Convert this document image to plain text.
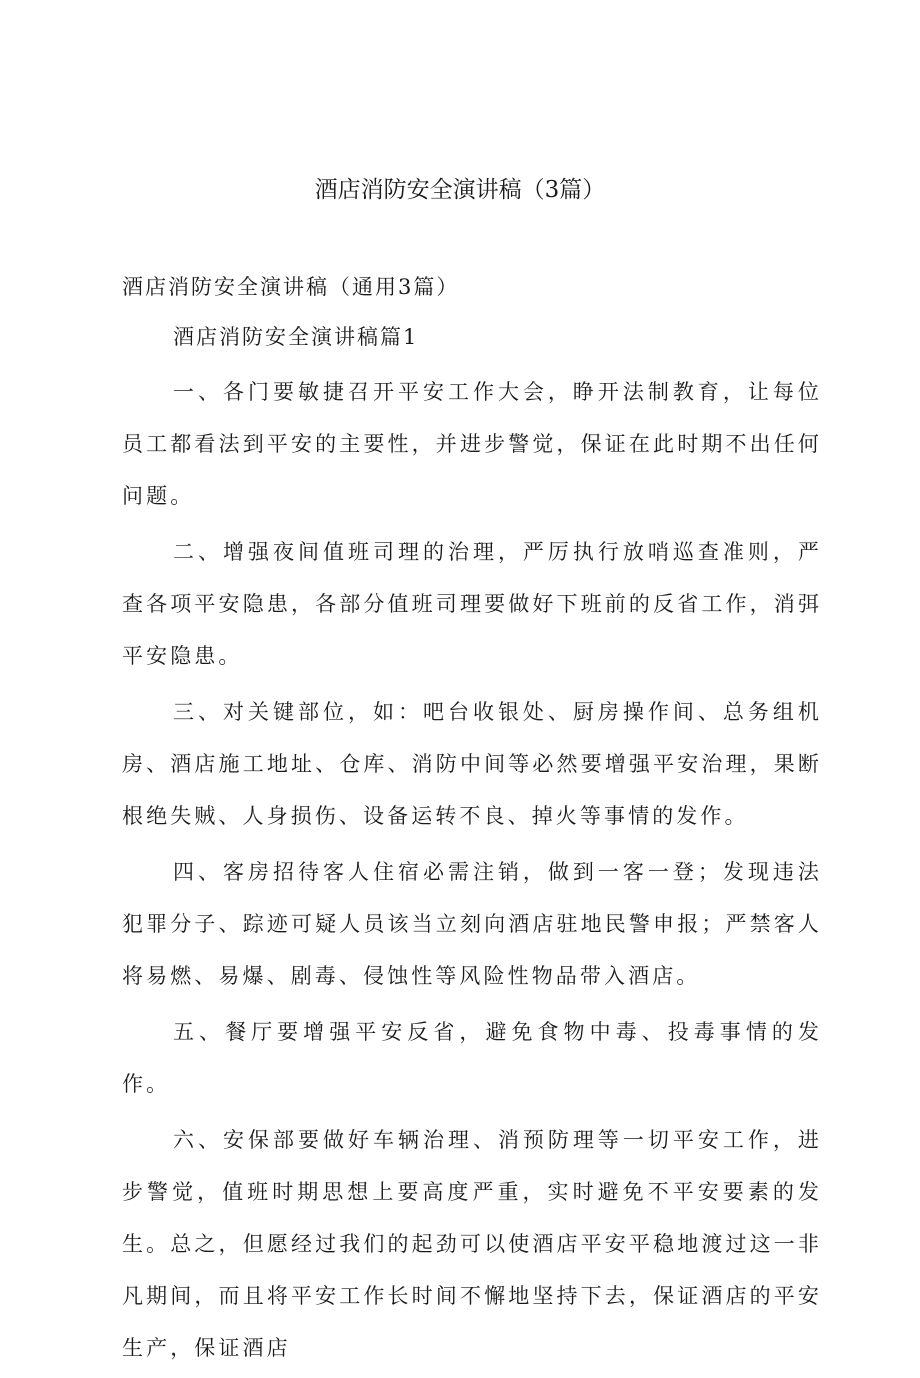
酒店消防安全演讲稿（3篇）
酒店消防安全演讲稿（通用3篇）
酒店消防安全演讲稿篇1

一、各门要敏捷召开平安工作大会，睁开法制教育，让每位员工都看法到平安的主要性，并进步警觉，保证在此时期不出任何问题。

二、增强夜间值班司理的治理，严厉执行放哨巡查准则，严查各项平安隐患，各部分值班司理要做好下班前的反省工作，消弭平安隐患。

三、对关键部位，如：吧台收银处、厨房操作间、总务组机房、酒店施工地址、仓库、消防中间等必然要增强平安治理，果断根绝失贼、人身损伤、设备运转不良、掉火等事情的发作。

四、客房招待客人住宿必需注销，做到一客一登；发现违法犯罪分子、踪迹可疑人员该当立刻向酒店驻地民警申报；严禁客人将易燃、易爆、剧毒、侵蚀性等风险性物品带入酒店。

五、餐厅要增强平安反省，避免食物中毒、投毒事情的发作。

六、安保部要做好车辆治理、消预防理等一切平安工作，进步警觉，值班时期思想上要高度严重，实时避免不平安要素的发生。总之，但愿经过我们的起劲可以使酒店平安平稳地渡过这一非凡期间，而且将平安工作长时间不懈地坚持下去，保证酒店的平安生产，保证酒店
